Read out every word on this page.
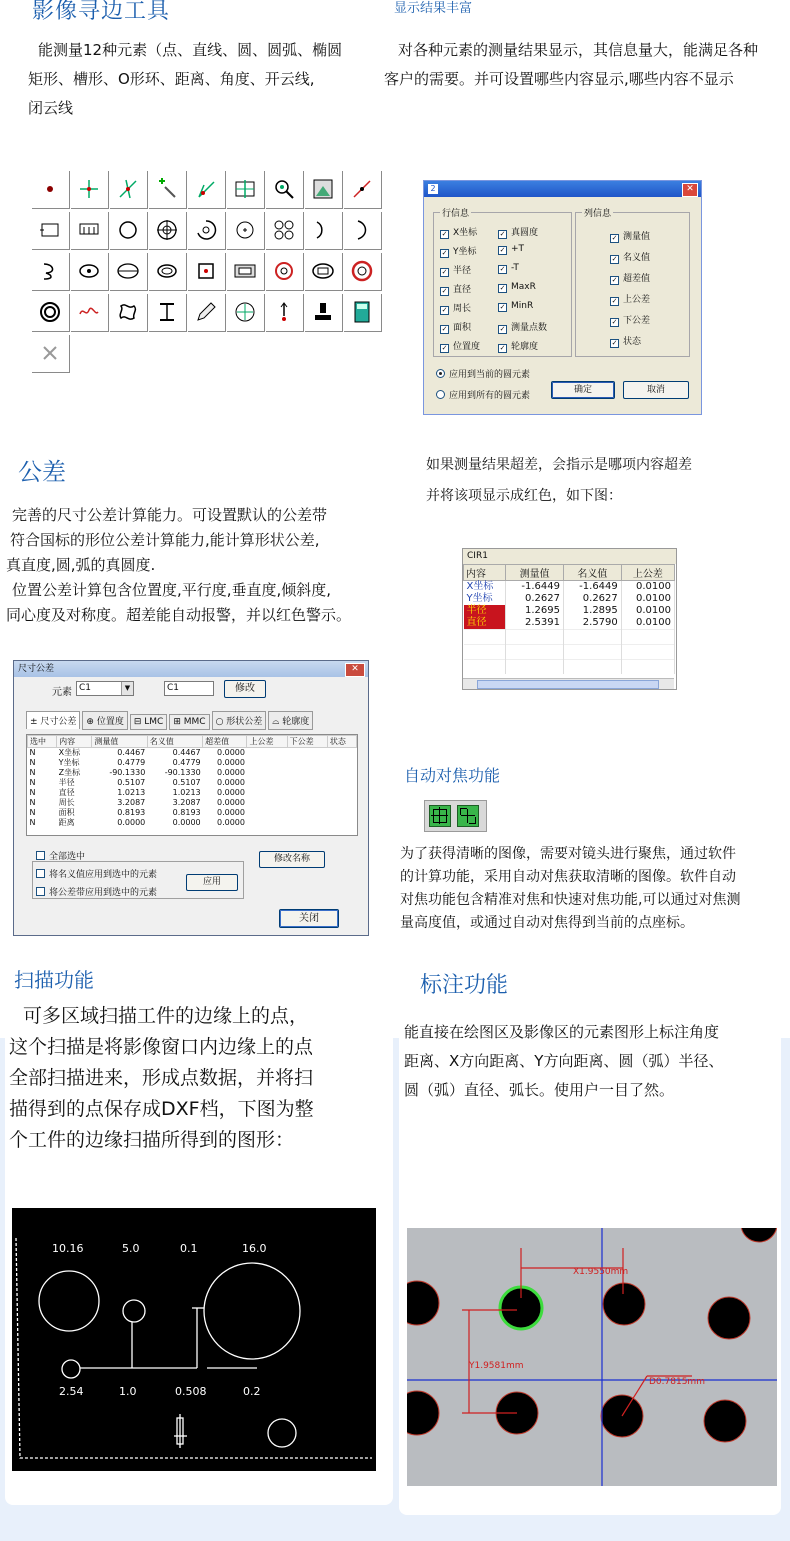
影像寻边工具

能测量12种元素（点、直线、圆、圆弧、椭圆

矩形、槽形、O形环、距离、角度、开云线,

闭云线

显示结果丰富

对各种元素的测量结果显示，其信息量大，能满足各种

客户的需要。并可设置哪些内容显示,哪些内容不显示

2	✕
行信息	列信息
应用到当前的圆元素
应用到所有的圆元素
确定	取消
✓ X坐标
✓ Y坐标
✓ 半径
✓ 直径
✓ 周长
✓ 面积
✓ 位置度
✓ 真圆度
✓ +T
✓ -T
✓ MaxR
✓ MinR
✓ 测量点数
✓ 轮廓度
✓ 测量值
✓ 名义值
✓ 超差值
✓ 上公差
✓ 下公差
✓ 状态
公差
完善的尺寸公差计算能力。可设置默认的公差带
符合国标的形位公差计算能力,能计算形状公差,
真直度,圆,弧的真圆度.
位置公差计算包含位置度,平行度,垂直度,倾斜度,
同心度及对称度。超差能自动报警，并以红色警示。
如果测量结果超差，会指示是哪项内容超差
并将该项显示成红色，如下图：
CIR1
内容	测量值	名义值	上公差
X坐标	-1.6449	-1.6449	0.0100
Y坐标	0.2627	0.2627	0.0100
半径	1.2695	1.2895	0.0100
直径	2.5391	2.5790	0.0100

尺寸公差	✕
元素 C1	▼	C1	修改
± 尺寸公差 ⊕ 位置度 ⊟ LMC ⊞ MMC ○ 形状公差 ⌓ 轮廓度
选中	内容	测量值	名义值	超差值	上公差	下公差	状态
N	X坐标	0.4467	0.4467	0.0000			
N	Y坐标	0.4779	0.4779	0.0000			
N	Z坐标	-90.1330	-90.1330	0.0000			
N	半径	0.5107	0.5107	0.0000			
N	直径	1.0213	1.0213	0.0000			
N	周长	3.2087	3.2087	0.0000			
N	面积	0.8193	0.8193	0.0000			
N	距离	0.0000	0.0000	0.0000			
全部选中	修改名称
将名义值应用到选中的元素
将公差带应用到选中的元素
应用
关闭
自动对焦功能
为了获得清晰的图像，需要对镜头进行聚焦，通过软件
的计算功能，采用自动对焦获取清晰的图像。软件自动
对焦功能包含精准对焦和快速对焦功能,可以通过对焦测
量高度值，或通过自动对焦得到当前的点座标。
扫描功能
可多区域扫描工件的边缘上的点，
这个扫描是将影像窗口内边缘上的点
全部扫描进来，形成点数据，并将扫
描得到的点保存成DXF档，下图为整
个工件的边缘扫描所得到的图形：
标注功能
能直接在绘图区及影像区的元素图形上标注角度
距离、X方向距离、Y方向距离、圆（弧）半径、
圆（弧）直径、弧长。使用户一目了然。
10.16	5.0	0.1	16.0
2.54	1.0	0.508	0.2
X1.9550mm
Y1.9581mm
D0.7815mm
